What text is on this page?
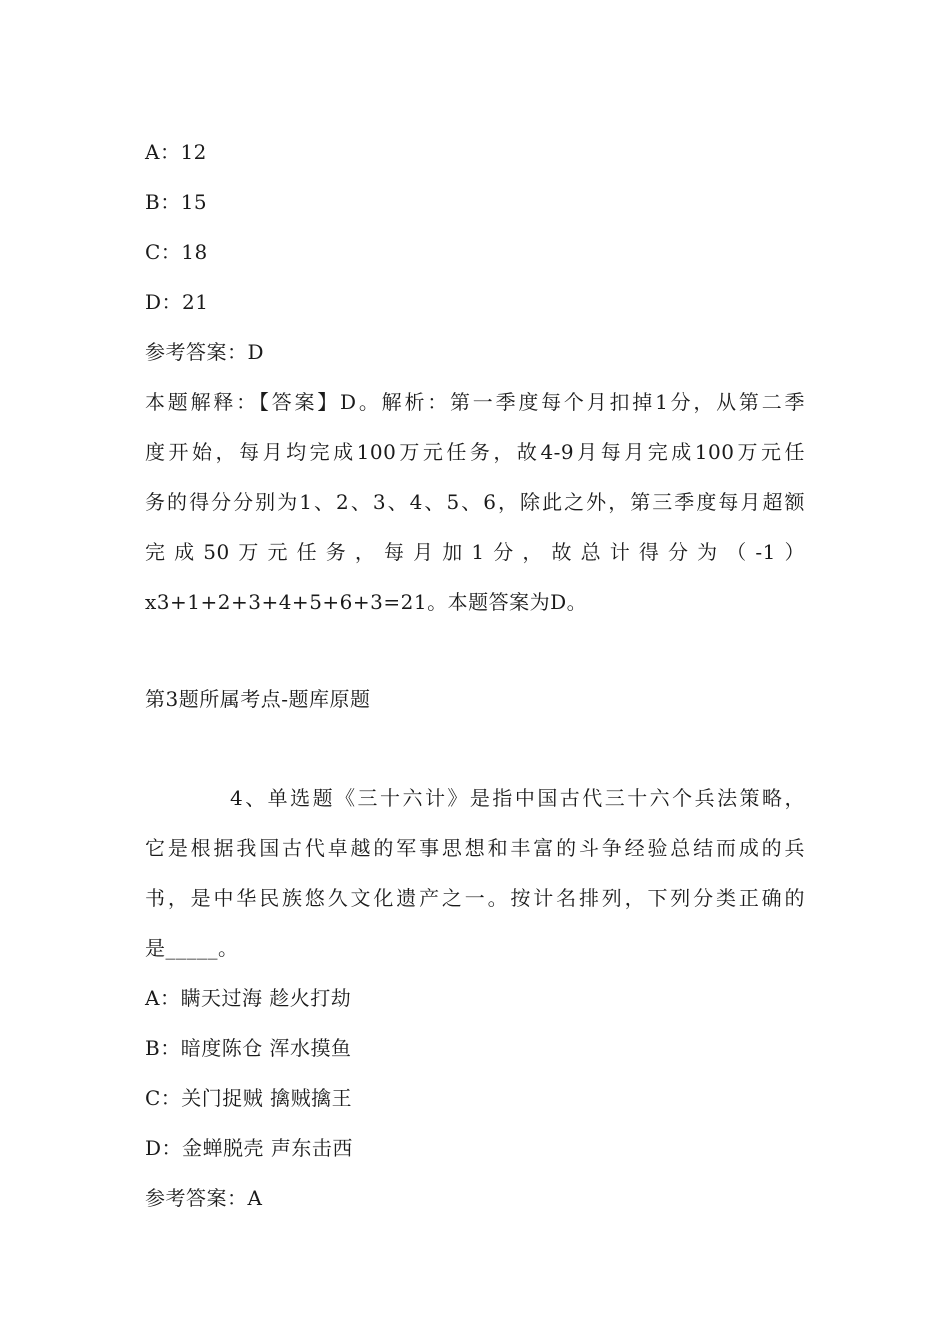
A：12
B：15
C：18
D：21
参考答案：D
本题解释：【答案】D。解析：第一季度每个月扣掉1分，从第二季
度开始，每月均完成100万元任务，故4-9月每月完成100万元任
务的得分分别为1、2、3、4、5、6，除此之外，第三季度每月超额
完成50万元任务，每月加1分，故总计得分为（-1）
x3+1+2+3+4+5+6+3=21。本题答案为D。
第3题所属考点-题库原题
4、单选题《三十六计》是指中国古代三十六个兵法策略，
它是根据我国古代卓越的军事思想和丰富的斗争经验总结而成的兵
书，是中华民族悠久文化遗产之一。按计名排列，下列分类正确的
是_____。
A：瞒天过海 趁火打劫
B：暗度陈仓 浑水摸鱼
C：关门捉贼 擒贼擒王
D：金蝉脱壳 声东击西
参考答案：A
